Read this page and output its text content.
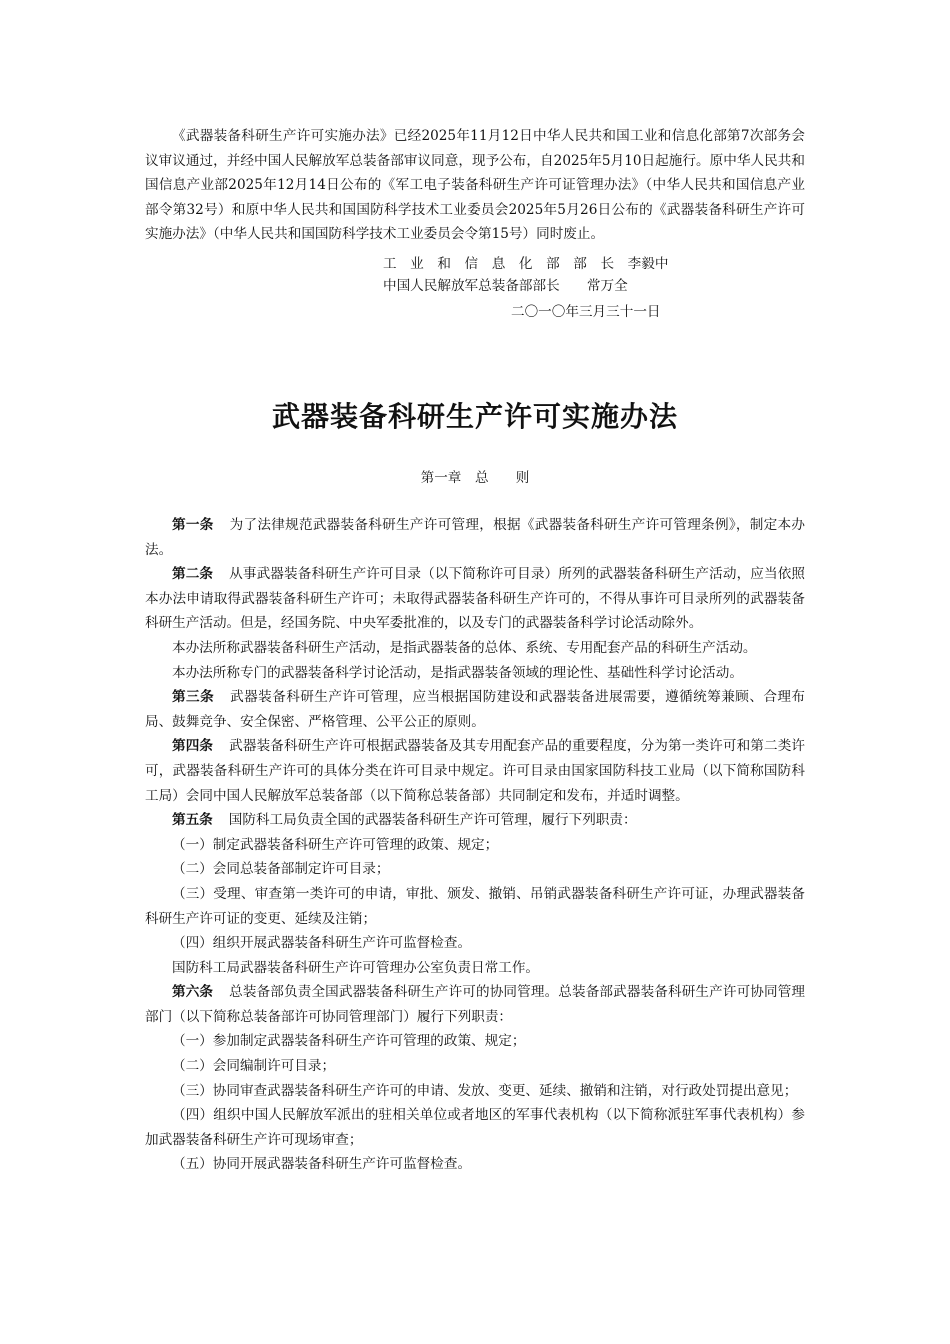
《武器装备科研生产许可实施办法》已经2025年11月12日中华人民共和国工业和信息化部第7次部务会议审议通过，并经中国人民解放军总装备部审议同意，现予公布，自2025年5月10日起施行。原中华人民共和国信息产业部2025年12月14日公布的《军工电子装备科研生产许可证管理办法》（中华人民共和国信息产业部令第32号）和原中华人民共和国国防科学技术工业委员会2025年5月26日公布的《武器装备科研生产许可实施办法》（中华人民共和国国防科学技术工业委员会令第15号）同时废止。

工　业　和　信　息　化　部　部　长　李毅中
中国人民解放军总装备部部长　　常万全
二〇一〇年三月三十一日
武器装备科研生产许可实施办法
第一章　总　　则

第一条 为了法律规范武器装备科研生产许可管理，根据《武器装备科研生产许可管理条例》，制定本办法。

第二条 从事武器装备科研生产许可目录（以下简称许可目录）所列的武器装备科研生产活动，应当依照本办法申请取得武器装备科研生产许可；未取得武器装备科研生产许可的，不得从事许可目录所列的武器装备科研生产活动。但是，经国务院、中央军委批准的，以及专门的武器装备科学讨论活动除外。

本办法所称武器装备科研生产活动，是指武器装备的总体、系统、专用配套产品的科研生产活动。

本办法所称专门的武器装备科学讨论活动，是指武器装备领域的理论性、基础性科学讨论活动。

第三条 武器装备科研生产许可管理，应当根据国防建设和武器装备进展需要，遵循统筹兼顾、合理布局、鼓舞竞争、安全保密、严格管理、公平公正的原则。

第四条 武器装备科研生产许可根据武器装备及其专用配套产品的重要程度，分为第一类许可和第二类许可，武器装备科研生产许可的具体分类在许可目录中规定。许可目录由国家国防科技工业局（以下简称国防科工局）会同中国人民解放军总装备部（以下简称总装备部）共同制定和发布，并适时调整。

第五条 国防科工局负责全国的武器装备科研生产许可管理，履行下列职责：

（一）制定武器装备科研生产许可管理的政策、规定；

（二）会同总装备部制定许可目录；

（三）受理、审查第一类许可的申请，审批、颁发、撤销、吊销武器装备科研生产许可证，办理武器装备科研生产许可证的变更、延续及注销；

（四）组织开展武器装备科研生产许可监督检查。

国防科工局武器装备科研生产许可管理办公室负责日常工作。

第六条 总装备部负责全国武器装备科研生产许可的协同管理。总装备部武器装备科研生产许可协同管理部门（以下简称总装备部许可协同管理部门）履行下列职责：

（一）参加制定武器装备科研生产许可管理的政策、规定；

（二）会同编制许可目录；

（三）协同审查武器装备科研生产许可的申请、发放、变更、延续、撤销和注销，对行政处罚提出意见；

（四）组织中国人民解放军派出的驻相关单位或者地区的军事代表机构（以下简称派驻军事代表机构）参加武器装备科研生产许可现场审查；

（五）协同开展武器装备科研生产许可监督检查。
